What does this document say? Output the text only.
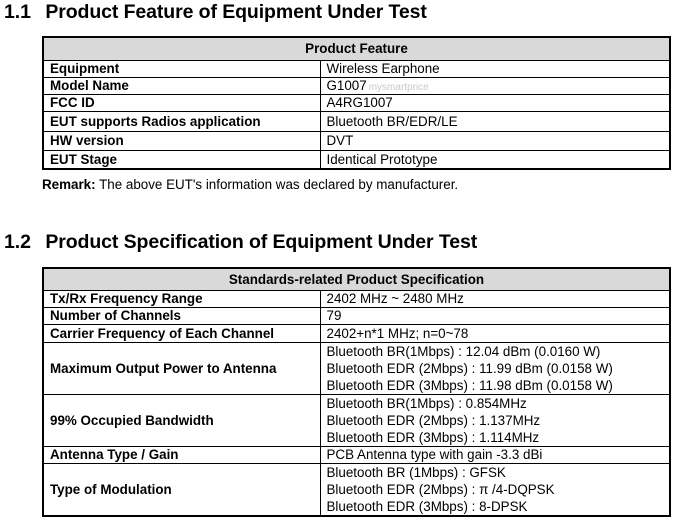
1.1 Product Feature of Equipment Under Test
Product Feature	
Equipment	Wireless Earphone
Model Name	G1007 mysmartprice
FCC ID	A4RG1007
EUT supports Radios application	Bluetooth BR/EDR/LE
HW version	DVT
EUT Stage	Identical Prototype
Remark: The above EUT's information was declared by manufacturer.
1.2 Product Specification of Equipment Under Test
Standards-related Product Specification	
Tx/Rx Frequency Range	2402 MHz ~ 2480 MHz
Number of Channels	79
Carrier Frequency of Each Channel	2402+n*1 MHz; n=0~78
Maximum Output Power to Antenna	Bluetooth BR(1Mbps) : 12.04 dBm (0.0160 W)
Bluetooth EDR (2Mbps) : 11.99 dBm (0.0158 W)
Bluetooth EDR (3Mbps) : 11.98 dBm (0.0158 W)

99% Occupied Bandwidth	Bluetooth BR(1Mbps) : 0.854MHz
Bluetooth EDR (2Mbps) : 1.137MHz
Bluetooth EDR (3Mbps) : 1.114MHz

Antenna Type / Gain	PCB Antenna type with gain -3.3 dBi
Type of Modulation	Bluetooth BR (1Mbps) : GFSK
Bluetooth EDR (2Mbps) : π /4-DQPSK
Bluetooth EDR (3Mbps) : 8-DPSK
